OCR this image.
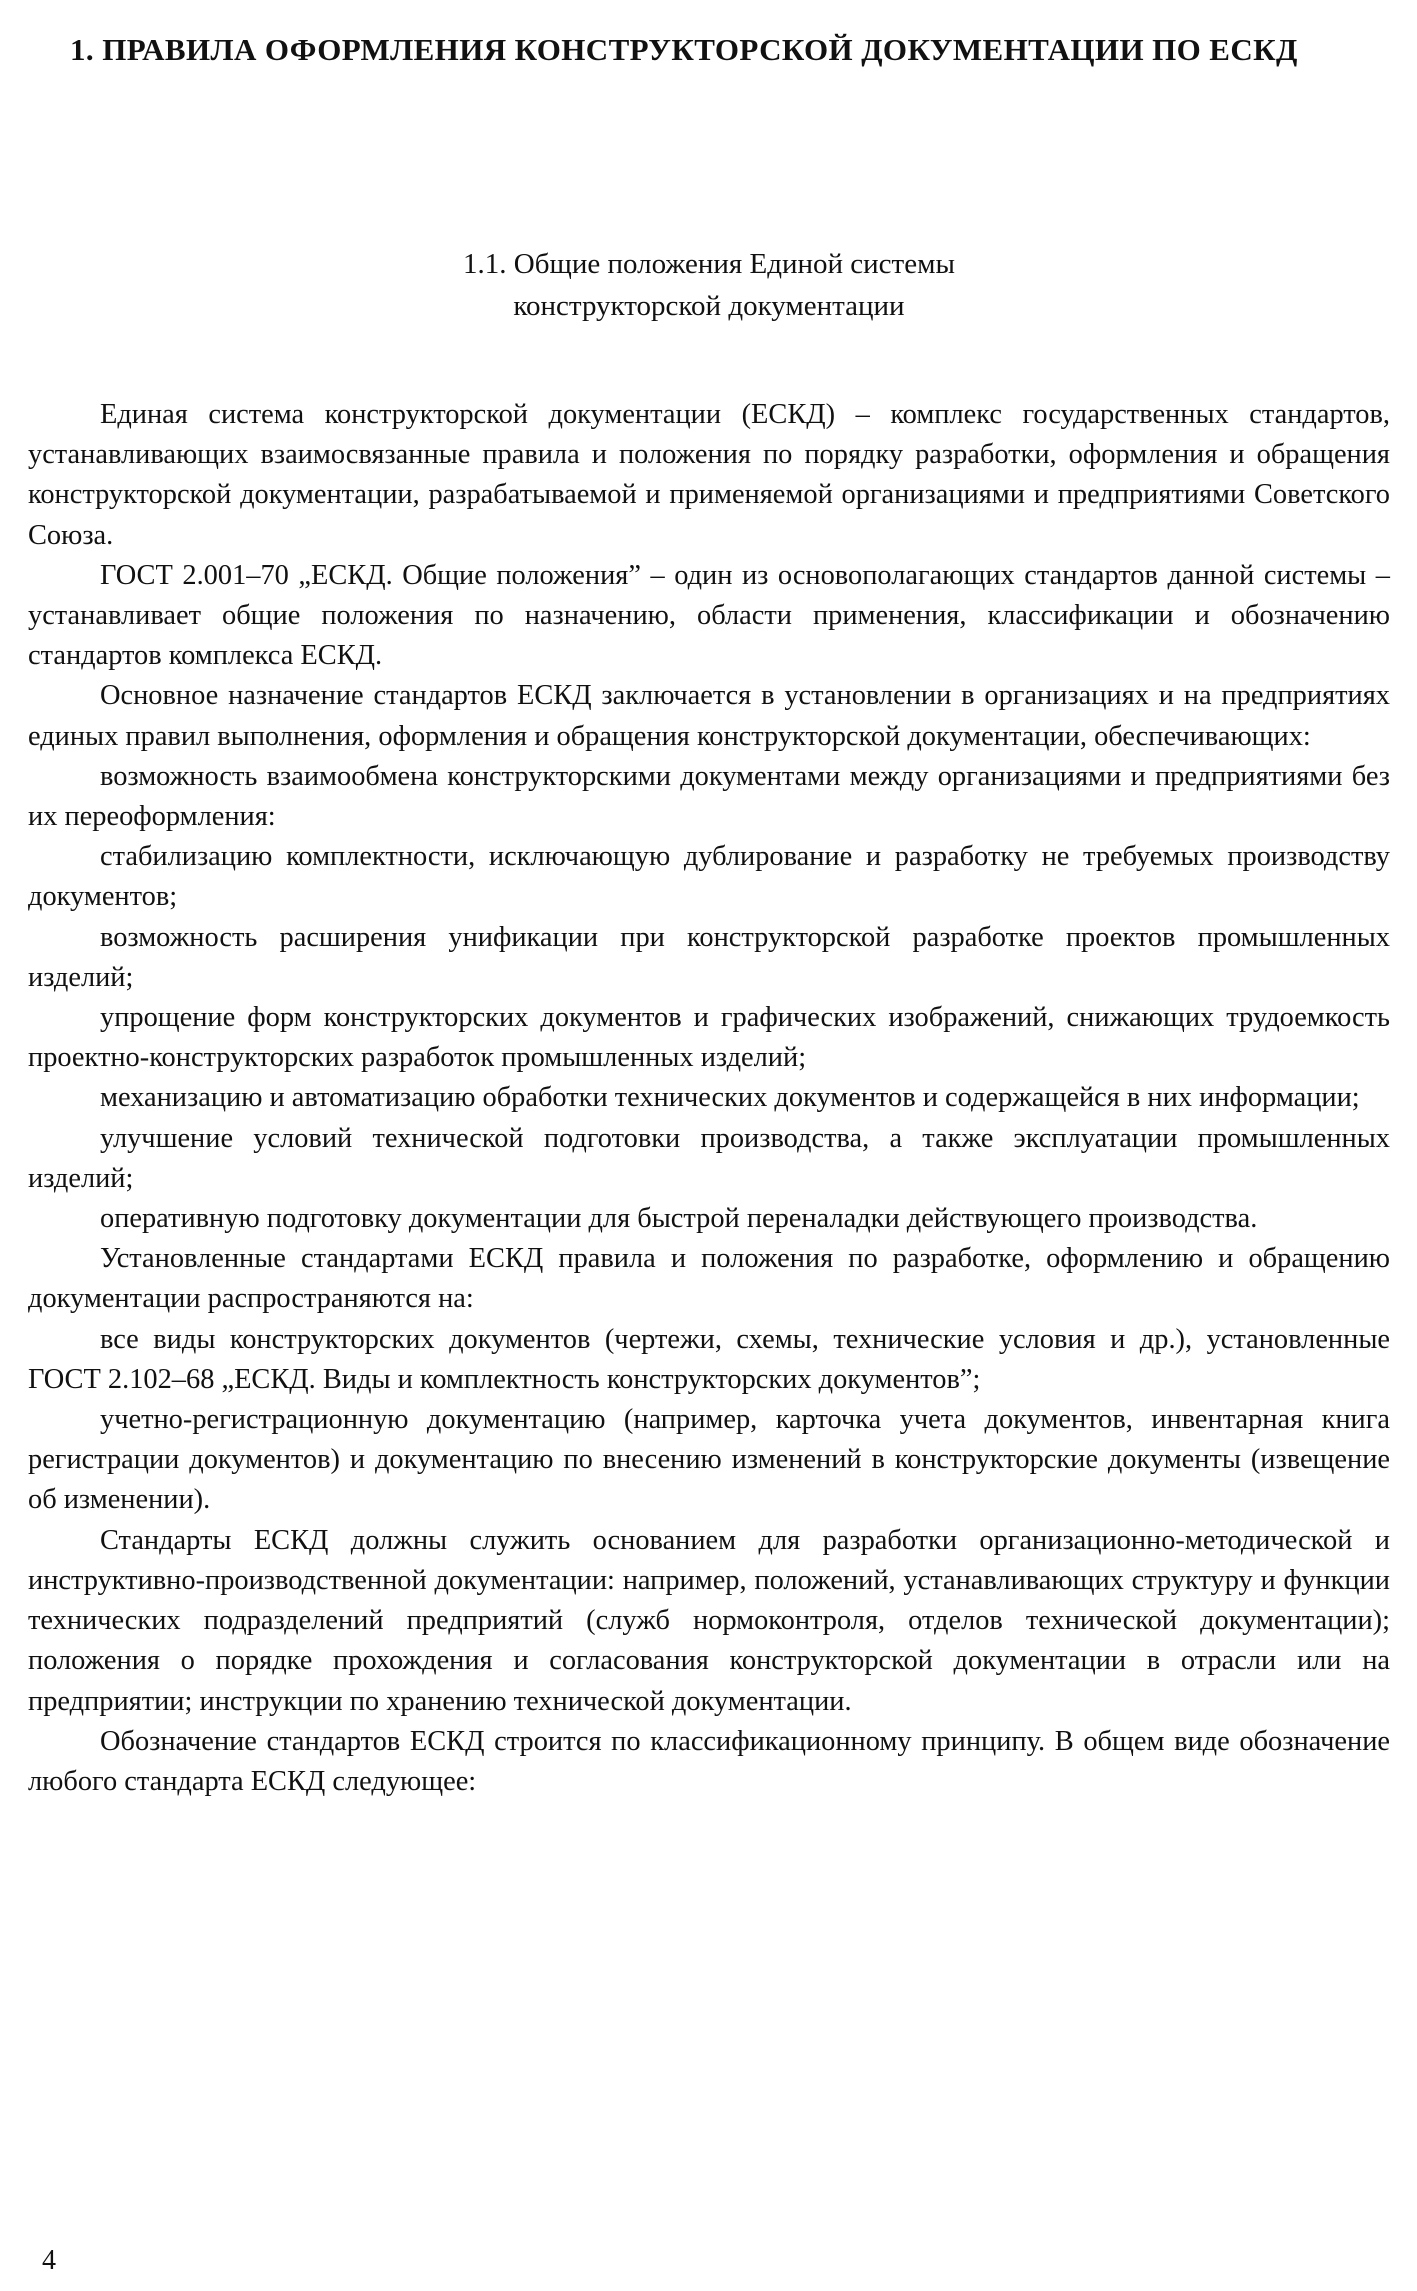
1. ПРАВИЛА ОФОРМЛЕНИЯ КОНСТРУКТОРСКОЙ ДОКУМЕНТАЦИИ ПО ЕСКД
1.1. Общие положения Единой системы
конструкторской документации

Единая система конструкторской документации (ЕСКД) – комплекс государственных стандартов, устанавливающих взаимосвязанные правила и положения по порядку разработки, оформления и обращения конструкторской документации, разрабатываемой и применяемой организациями и предприятиями Советского Союза.

ГОСТ 2.001–70 „ЕСКД. Общие положения” – один из основополагающих стандартов данной системы – устанавливает общие положения по назначению, области применения, классификации и обозначению стандартов комплекса ЕСКД.

Основное назначение стандартов ЕСКД заключается в установлении в организациях и на предприятиях единых правил выполнения, оформления и обращения конструкторской документации, обеспечивающих:

возможность взаимообмена конструкторскими документами между организациями и предприятиями без их переоформления:

стабилизацию комплектности, исключающую дублирование и разработку не требуемых производству документов;

возможность расширения унификации при конструкторской разработке проектов промышленных изделий;

упрощение форм конструкторских документов и графических изображений, снижающих трудоемкость проектно-конструкторских разработок промышленных изделий;

механизацию и автоматизацию обработки технических документов и содержащейся в них информации;

улучшение условий технической подготовки производства, а также эксплуатации промышленных изделий;

оперативную подготовку документации для быстрой переналадки действующего производства.

Установленные стандартами ЕСКД правила и положения по разработке, оформлению и обращению документации распространяются на:

все виды конструкторских документов (чертежи, схемы, технические условия и др.), установленные ГОСТ 2.102–68 „ЕСКД. Виды и комплектность конструкторских документов”;

учетно-регистрационную документацию (например, карточка учета документов, инвентарная книга регистрации документов) и документацию по внесению изменений в конструкторские документы (извещение об изменении).

Стандарты ЕСКД должны служить основанием для разработки организационно-методической и инструктивно-производственной документации: например, положений, устанавливающих структуру и функции технических подразделений предприятий (служб нормоконтроля, отделов технической документации); положения о порядке прохождения и согласования конструкторской документации в отрасли или на предприятии; инструкции по хранению технической документации.

Обозначение стандартов ЕСКД строится по классификационному принципу. В общем виде обозначение любого стандарта ЕСКД следующее:

4
